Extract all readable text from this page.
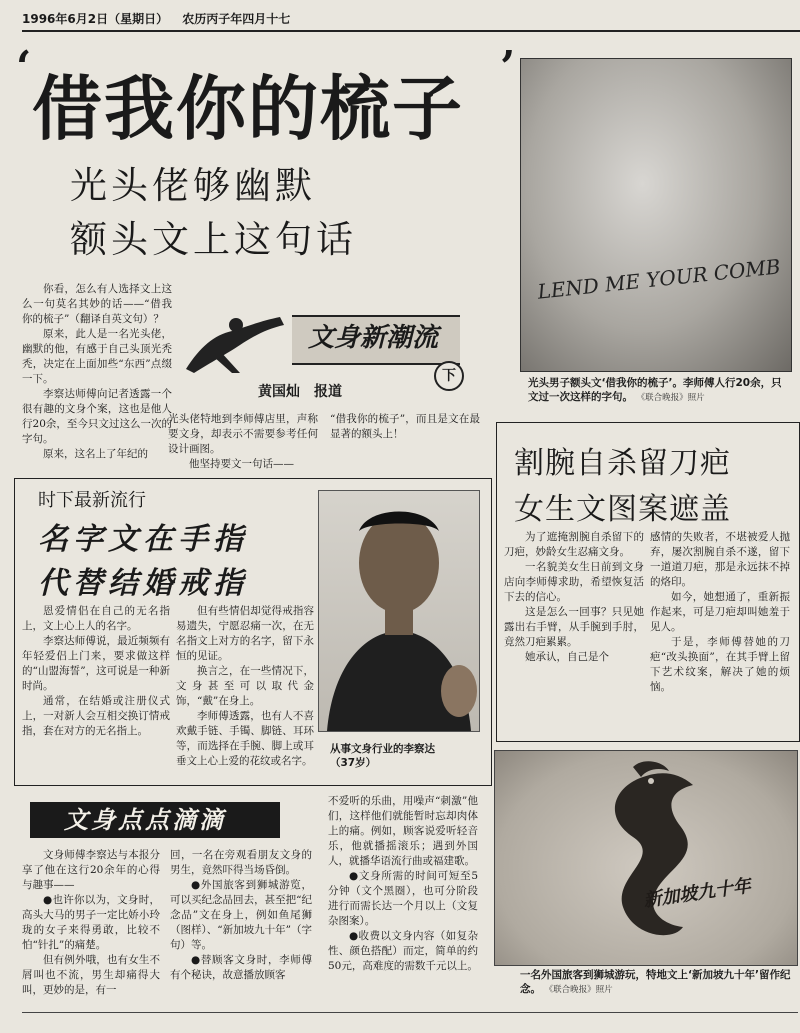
1996年6月2日（星期日） 农历丙子年四月十七
‘
借我你的梳子
光头佬够幽默
额头文上这句话
’
LEND ME YOUR COMB
光头男子额头文‘借我你的梳子’。李师傅人行20余，只文过一次这样的字句。 《联合晚报》照片
文身新潮流
下
黄国灿　报道

你看，怎么有人选择文上这么一句莫名其妙的话——“借我你的梳子”（翻译自英文句）？

原来，此人是一名光头佬，幽默的他，有感于自己头顶光秃秃，决定在上面加些“东西”点缀一下。

李察达师傅向记者透露一个很有趣的文身个案，这也是他人行20余，至今只文过这么一次的字句。

原来，这名上了年纪的

光头佬特地到李师傅店里，声称要文身，却表示不需要参考任何设计画图。

他坚持要文一句话——

“借我你的梳子”，而且是文在最显著的额头上！

时下最新流行
名字文在手指
代替结婚戒指

恩爱情侣在自己的无名指上，文上心上人的名字。

李察达师傅说，最近频频有年轻爱侣上门来，要求做这样的“山盟海誓”，这可说是一种新时尚。

通常，在结婚或注册仪式上，一对新人会互相交换订情戒指，套在对方的无名指上。

但有些情侣却觉得戒指容易遗失，宁愿忍痛一次，在无名指文上对方的名字，留下永恒的见证。

换言之，在一些情况下，文身甚至可以取代金饰，“戴”在身上。

李师傅透露，也有人不喜欢戴手链、手镯、脚链、耳环等，而选择在手腕、脚上或耳垂文上心上爱的花纹或名字。

从事文身行业的李察达（37岁）
割腕自杀留刀疤
女生文图案遮盖

为了遮掩割腕自杀留下的刀疤，妙龄女生忍痛文身。

一名貌美女生日前到文身店向李师傅求助，希望恢复活下去的信心。

这是怎么一回事？只见她露出右手臂，从手腕到手肘，竟然刀疤累累。

她承认，自己是个

感情的失败者，不堪被爱人抛弃，屡次割腕自杀不遂，留下一道道刀疤，那是永远抹不掉的烙印。

如今，她想通了，重新振作起来，可是刀疤却叫她羞于见人。

于是，李师傅替她的刀疤“改头换面”，在其手臂上留下艺术纹案，解决了她的烦恼。

文身点点滴滴

文身师傅李察达与本报分享了他在这行20余年的心得与趣事——

●也许你以为，文身时，高头大马的男子一定比娇小玲珑的女子来得勇敢，比较不怕“针扎”的痛楚。

但有例外哦，也有女生不屑叫也不流，男生却痛得大叫，更妙的是，有一

回，一名在旁观看朋友文身的男生，竟然吓得当场昏倒。

●外国旅客到狮城游览，可以买纪念品回去，甚至把“纪念品”文在身上，例如鱼尾狮（图样）、“新加坡九十年”（字句）等。

●替顾客文身时，李师傅有个秘诀，故意播放顾客

不爱听的乐曲，用噪声“刺激”他们，这样他们就能暂时忘却肉体上的痛。例如，顾客说爱听轻音乐，他就播摇滚乐；遇到外国人，就播华语流行曲或福建歌。

●文身所需的时间可短至5分钟（文个黑圈），也可分阶段进行而需长达一个月以上（文复杂图案）。

●收费以文身内容（如复杂性、颜色搭配）而定，简单的约50元，高难度的需数千元以上。

新加坡九十年
一名外国旅客到狮城游玩，特地文上‘新加坡九十年’留作纪念。 《联合晚报》照片
